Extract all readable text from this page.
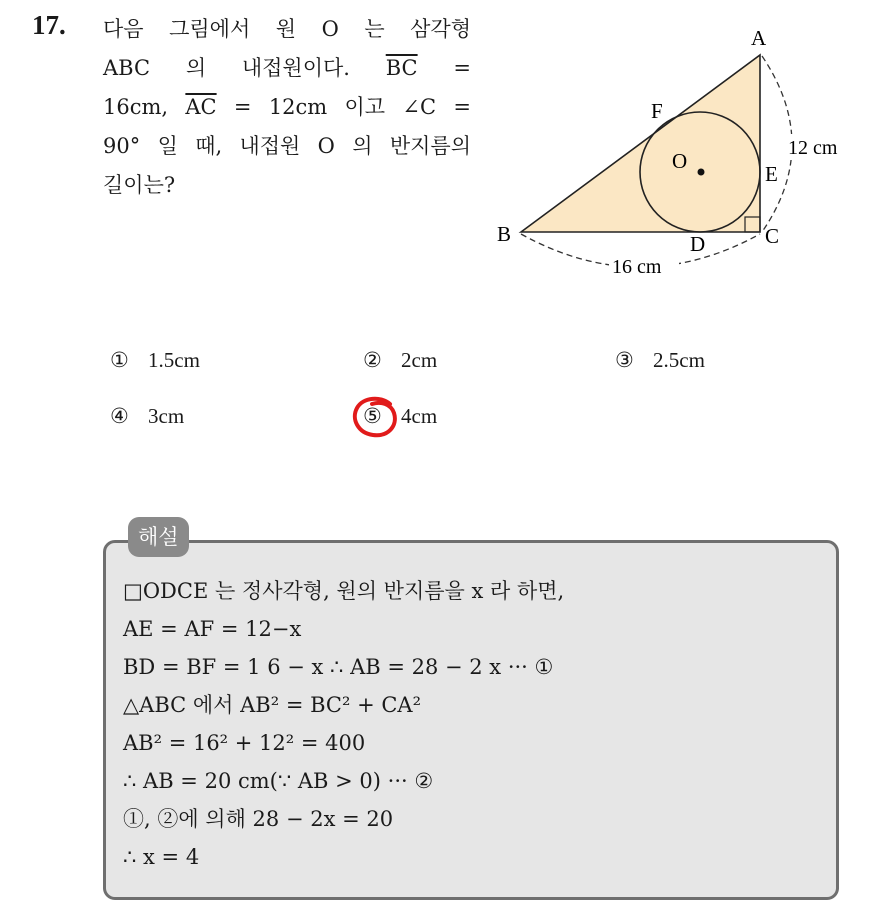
17. 다음 그림에서 원 O 는 삼각형
ABC 의 내접원이다. $\overline{BC}$ =
16cm, $\overline{AC} = 12cm$ 이고 ∠C =
90° 일 때, 내접원 O 의 반지름의
길이는?
A
B	C
D
E
F
O
12 cm
16 cm
① 1.5cm	② 2cm	③ 2.5cm
④ 3cm	⑤ 4cm
해설
□ODCE 는 정사각형, 원의 반지름을 x 라 하면,
AE = AF = 12−x
BD = BF = 1 6 − x ∴ AB = 28 − 2 x ··· ①
△ABC 에서 AB² = BC² + CA²
AB² = 16² + 12² = 400
∴ AB = 20 cm(∵ AB > 0) ··· ②
①, ②에 의해 28 − 2x = 20
∴ x = 4
